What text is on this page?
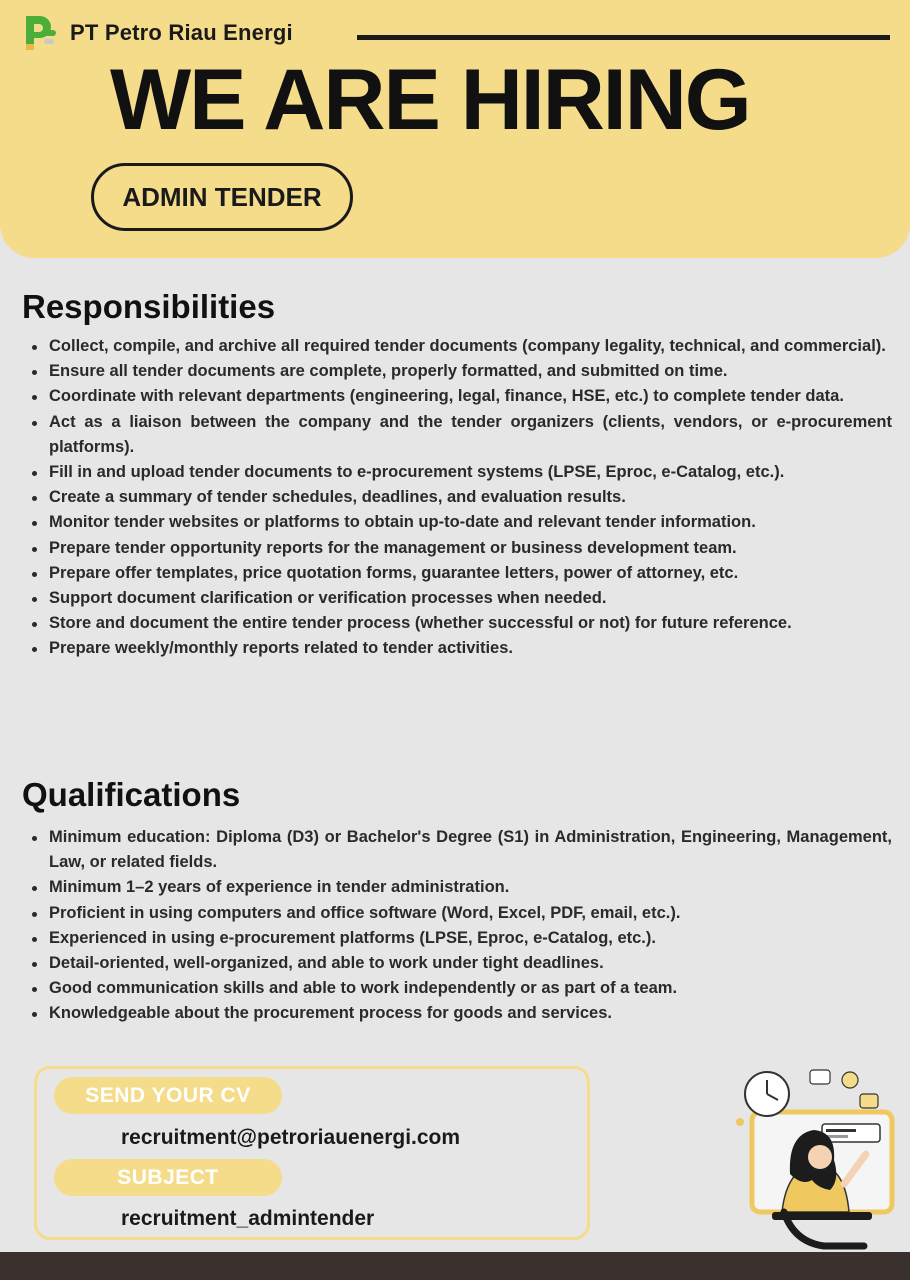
PT Petro Riau Energi
WE ARE HIRING
ADMIN TENDER
Responsibilities
Collect, compile, and archive all required tender documents (company legality, technical, and commercial).
Ensure all tender documents are complete, properly formatted, and submitted on time.
Coordinate with relevant departments (engineering, legal, finance, HSE, etc.) to complete tender data.
Act as a liaison between the company and the tender organizers (clients, vendors, or e-procurement platforms).
Fill in and upload tender documents to e-procurement systems (LPSE, Eproc, e-Catalog, etc.).
Create a summary of tender schedules, deadlines, and evaluation results.
Monitor tender websites or platforms to obtain up-to-date and relevant tender information.
Prepare tender opportunity reports for the management or business development team.
Prepare offer templates, price quotation forms, guarantee letters, power of attorney, etc.
Support document clarification or verification processes when needed.
Store and document the entire tender process (whether successful or not) for future reference.
Prepare weekly/monthly reports related to tender activities.
Qualifications
Minimum education: Diploma (D3) or Bachelor's Degree (S1) in Administration, Engineering, Management, Law, or related fields.
Minimum 1–2 years of experience in tender administration.
Proficient in using computers and office software (Word, Excel, PDF, email, etc.).
Experienced in using e-procurement platforms (LPSE, Eproc, e-Catalog, etc.).
Detail-oriented, well-organized, and able to work under tight deadlines.
Good communication skills and able to work independently or as part of a team.
Knowledgeable about the procurement process for goods and services.
SEND YOUR CV
recruitment@petroriauenergi.com
SUBJECT
recruitment_admintender
